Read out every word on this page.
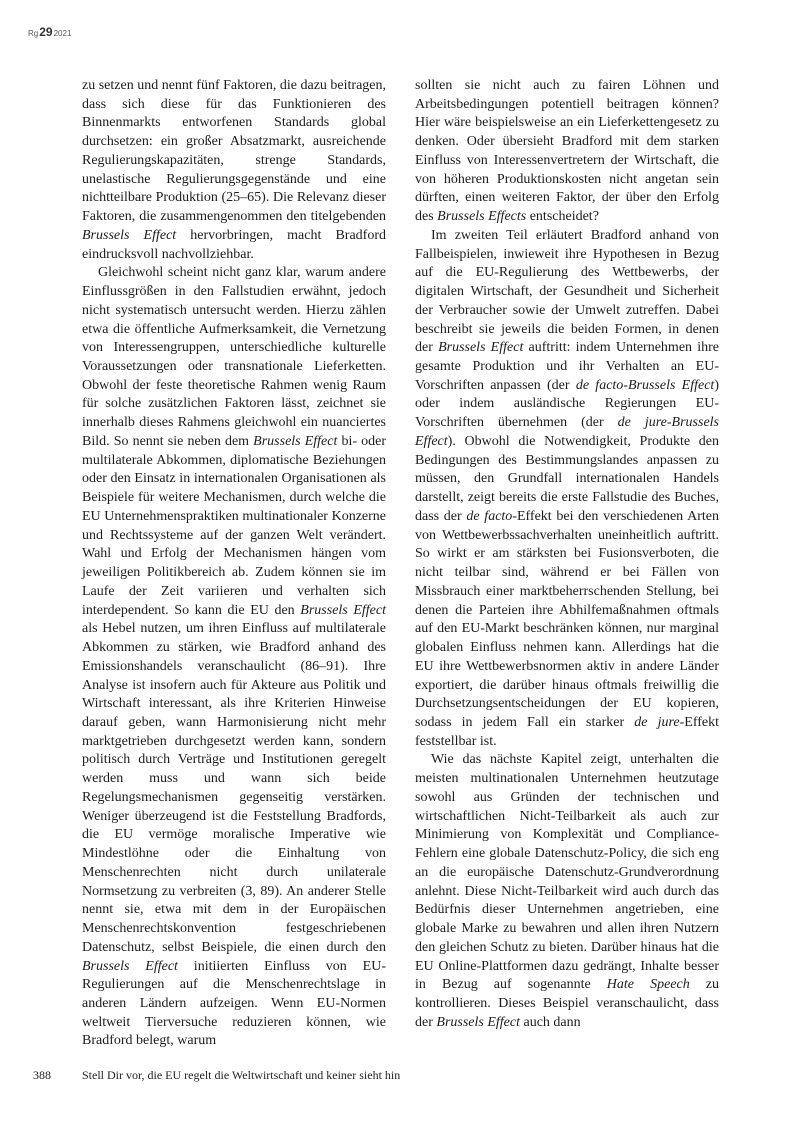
Rg 29 2021

zu setzen und nennt fünf Faktoren, die dazu beitragen, dass sich diese für das Funktionieren des Binnenmarkts entworfenen Standards global durchsetzen: ein großer Absatzmarkt, ausreichende Regulierungskapazitäten, strenge Standards, unelastische Regulierungsgegenstände und eine nichtteilbare Produktion (25–65). Die Relevanz dieser Faktoren, die zusammengenommen den titelgebenden Brussels Effect hervorbringen, macht Bradford eindrucksvoll nachvollziehbar.

Gleichwohl scheint nicht ganz klar, warum andere Einflussgrößen in den Fallstudien erwähnt, jedoch nicht systematisch untersucht werden. Hierzu zählen etwa die öffentliche Aufmerksamkeit, die Vernetzung von Interessengruppen, unterschiedliche kulturelle Voraussetzungen oder transnationale Lieferketten. Obwohl der feste theoretische Rahmen wenig Raum für solche zusätzlichen Faktoren lässt, zeichnet sie innerhalb dieses Rahmens gleichwohl ein nuanciertes Bild. So nennt sie neben dem Brussels Effect bi- oder multilaterale Abkommen, diplomatische Beziehungen oder den Einsatz in internationalen Organisationen als Beispiele für weitere Mechanismen, durch welche die EU Unternehmenspraktiken multinationaler Konzerne und Rechtssysteme auf der ganzen Welt verändert. Wahl und Erfolg der Mechanismen hängen vom jeweiligen Politikbereich ab. Zudem können sie im Laufe der Zeit variieren und verhalten sich interdependent. So kann die EU den Brussels Effect als Hebel nutzen, um ihren Einfluss auf multilaterale Abkommen zu stärken, wie Bradford anhand des Emissionshandels veranschaulicht (86–91). Ihre Analyse ist insofern auch für Akteure aus Politik und Wirtschaft interessant, als ihre Kriterien Hinweise darauf geben, wann Harmonisierung nicht mehr marktgetrieben durchgesetzt werden kann, sondern politisch durch Verträge und Institutionen geregelt werden muss und wann sich beide Regelungsmechanismen gegenseitig verstärken. Weniger überzeugend ist die Feststellung Bradfords, die EU vermöge moralische Imperative wie Mindestlöhne oder die Einhaltung von Menschenrechten nicht durch unilaterale Normsetzung zu verbreiten (3, 89). An anderer Stelle nennt sie, etwa mit dem in der Europäischen Menschenrechtskonvention festgeschriebenen Datenschutz, selbst Beispiele, die einen durch den Brussels Effect initiierten Einfluss von EU-Regulierungen auf die Menschenrechtslage in anderen Ländern aufzeigen. Wenn EU-Normen weltweit Tierversuche reduzieren können, wie Bradford belegt, warum

sollten sie nicht auch zu fairen Löhnen und Arbeitsbedingungen potentiell beitragen können? Hier wäre beispielsweise an ein Lieferkettengesetz zu denken. Oder übersieht Bradford mit dem starken Einfluss von Interessenvertretern der Wirtschaft, die von höheren Produktionskosten nicht angetan sein dürften, einen weiteren Faktor, der über den Erfolg des Brussels Effects entscheidet?

Im zweiten Teil erläutert Bradford anhand von Fallbeispielen, inwieweit ihre Hypothesen in Bezug auf die EU-Regulierung des Wettbewerbs, der digitalen Wirtschaft, der Gesundheit und Sicherheit der Verbraucher sowie der Umwelt zutreffen. Dabei beschreibt sie jeweils die beiden Formen, in denen der Brussels Effect auftritt: indem Unternehmen ihre gesamte Produktion und ihr Verhalten an EU-Vorschriften anpassen (der de facto-Brussels Effect) oder indem ausländische Regierungen EU-Vorschriften übernehmen (der de jure-Brussels Effect). Obwohl die Notwendigkeit, Produkte den Bedingungen des Bestimmungslandes anpassen zu müssen, den Grundfall internationalen Handels darstellt, zeigt bereits die erste Fallstudie des Buches, dass der de facto-Effekt bei den verschiedenen Arten von Wettbewerbssachverhalten uneinheitlich auftritt. So wirkt er am stärksten bei Fusionsverboten, die nicht teilbar sind, während er bei Fällen von Missbrauch einer marktbeherrschenden Stellung, bei denen die Parteien ihre Abhilfemaßnahmen oftmals auf den EU-Markt beschränken können, nur marginal globalen Einfluss nehmen kann. Allerdings hat die EU ihre Wettbewerbsnormen aktiv in andere Länder exportiert, die darüber hinaus oftmals freiwillig die Durchsetzungsentscheidungen der EU kopieren, sodass in jedem Fall ein starker de jure-Effekt feststellbar ist.

Wie das nächste Kapitel zeigt, unterhalten die meisten multinationalen Unternehmen heutzutage sowohl aus Gründen der technischen und wirtschaftlichen Nicht-Teilbarkeit als auch zur Minimierung von Komplexität und Compliance-Fehlern eine globale Datenschutz-Policy, die sich eng an die europäische Datenschutz-Grundverordnung anlehnt. Diese Nicht-Teilbarkeit wird auch durch das Bedürfnis dieser Unternehmen angetrieben, eine globale Marke zu bewahren und allen ihren Nutzern den gleichen Schutz zu bieten. Darüber hinaus hat die EU Online-Plattformen dazu gedrängt, Inhalte besser in Bezug auf sogenannte Hate Speech zu kontrollieren. Dieses Beispiel veranschaulicht, dass der Brussels Effect auch dann

388	Stell Dir vor, die EU regelt die Weltwirtschaft und keiner sieht hin
